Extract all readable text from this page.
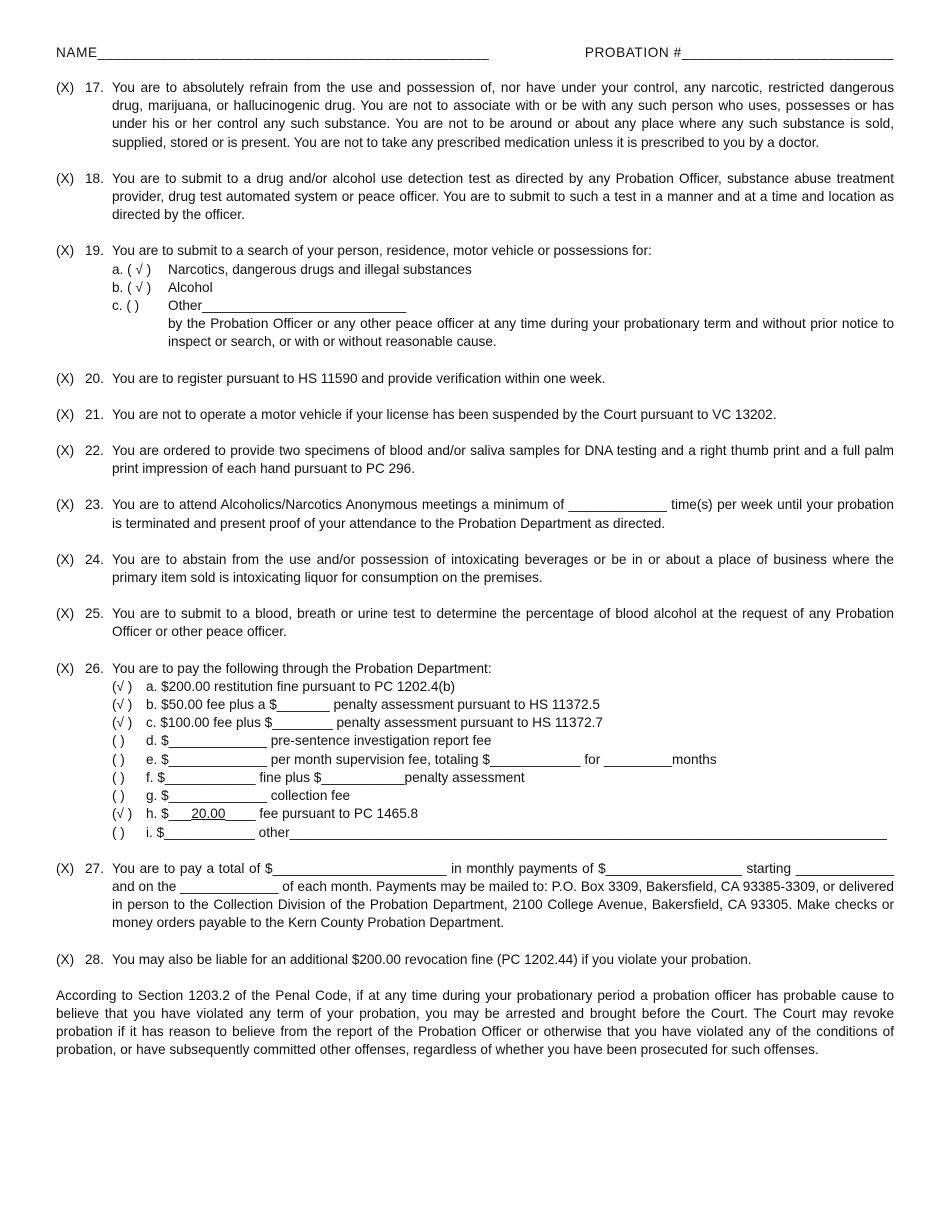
NAME________________________________________________	PROBATION #__________________________
(X) 17. You are to absolutely refrain from the use and possession of, nor have under your control, any narcotic, restricted dangerous drug, marijuana, or hallucinogenic drug. You are not to associate with or be with any such person who uses, possesses or has under his or her control any such substance. You are not to be around or about any place where any such substance is sold, supplied, stored or is present. You are not to take any prescribed medication unless it is prescribed to you by a doctor.
(X) 18. You are to submit to a drug and/or alcohol use detection test as directed by any Probation Officer, substance abuse treatment provider, drug test automated system or peace officer. You are to submit to such a test in a manner and at a time and location as directed by the officer.
(X) 19. You are to submit to a search of your person, residence, motor vehicle or possessions for:
a. ( √ ) Narcotics, dangerous drugs and illegal substances
b. ( √ ) Alcohol
c. ( ) Other___________________________
by the Probation Officer or any other peace officer at any time during your probationary term and without prior notice to inspect or search, or with or without reasonable cause.
(X) 20. You are to register pursuant to HS 11590 and provide verification within one week.
(X) 21. You are not to operate a motor vehicle if your license has been suspended by the Court pursuant to VC 13202.
(X) 22. You are ordered to provide two specimens of blood and/or saliva samples for DNA testing and a right thumb print and a full palm print impression of each hand pursuant to PC 296.
(X) 23. You are to attend Alcoholics/Narcotics Anonymous meetings a minimum of _____________ time(s) per week until your probation is terminated and present proof of your attendance to the Probation Department as directed.
(X) 24. You are to abstain from the use and/or possession of intoxicating beverages or be in or about a place of business where the primary item sold is intoxicating liquor for consumption on the premises.
(X) 25. You are to submit to a blood, breath or urine test to determine the percentage of blood alcohol at the request of any Probation Officer or other peace officer.
(X) 26. You are to pay the following through the Probation Department:
(√ ) a. $200.00 restitution fine pursuant to PC 1202.4(b)
(√ ) b. $50.00 fee plus a $_______ penalty assessment pursuant to HS 11372.5
(√ ) c. $100.00 fee plus $________ penalty assessment pursuant to HS 11372.7
( ) d. $_____________ pre-sentence investigation report fee
( ) e. $_____________ per month supervision fee, totaling $____________ for _________months
( ) f. $____________ fine plus $___________penalty assessment
( ) g. $_____________ collection fee
(√ ) h. $___20.00____ fee pursuant to PC 1465.8
( ) i. $____________ other_______________________________________________________________________________
(X) 27. You are to pay a total of $_______________________ in monthly payments of $__________________ starting _____________ and on the _____________ of each month. Payments may be mailed to: P.O. Box 3309, Bakersfield, CA 93385-3309, or delivered in person to the Collection Division of the Probation Department, 2100 College Avenue, Bakersfield, CA 93305. Make checks or money orders payable to the Kern County Probation Department.
(X) 28. You may also be liable for an additional $200.00 revocation fine (PC 1202.44) if you violate your probation.
According to Section 1203.2 of the Penal Code, if at any time during your probationary period a probation officer has probable cause to believe that you have violated any term of your probation, you may be arrested and brought before the Court. The Court may revoke probation if it has reason to believe from the report of the Probation Officer or otherwise that you have violated any of the conditions of probation, or have subsequently committed other offenses, regardless of whether you have been prosecuted for such offenses.
